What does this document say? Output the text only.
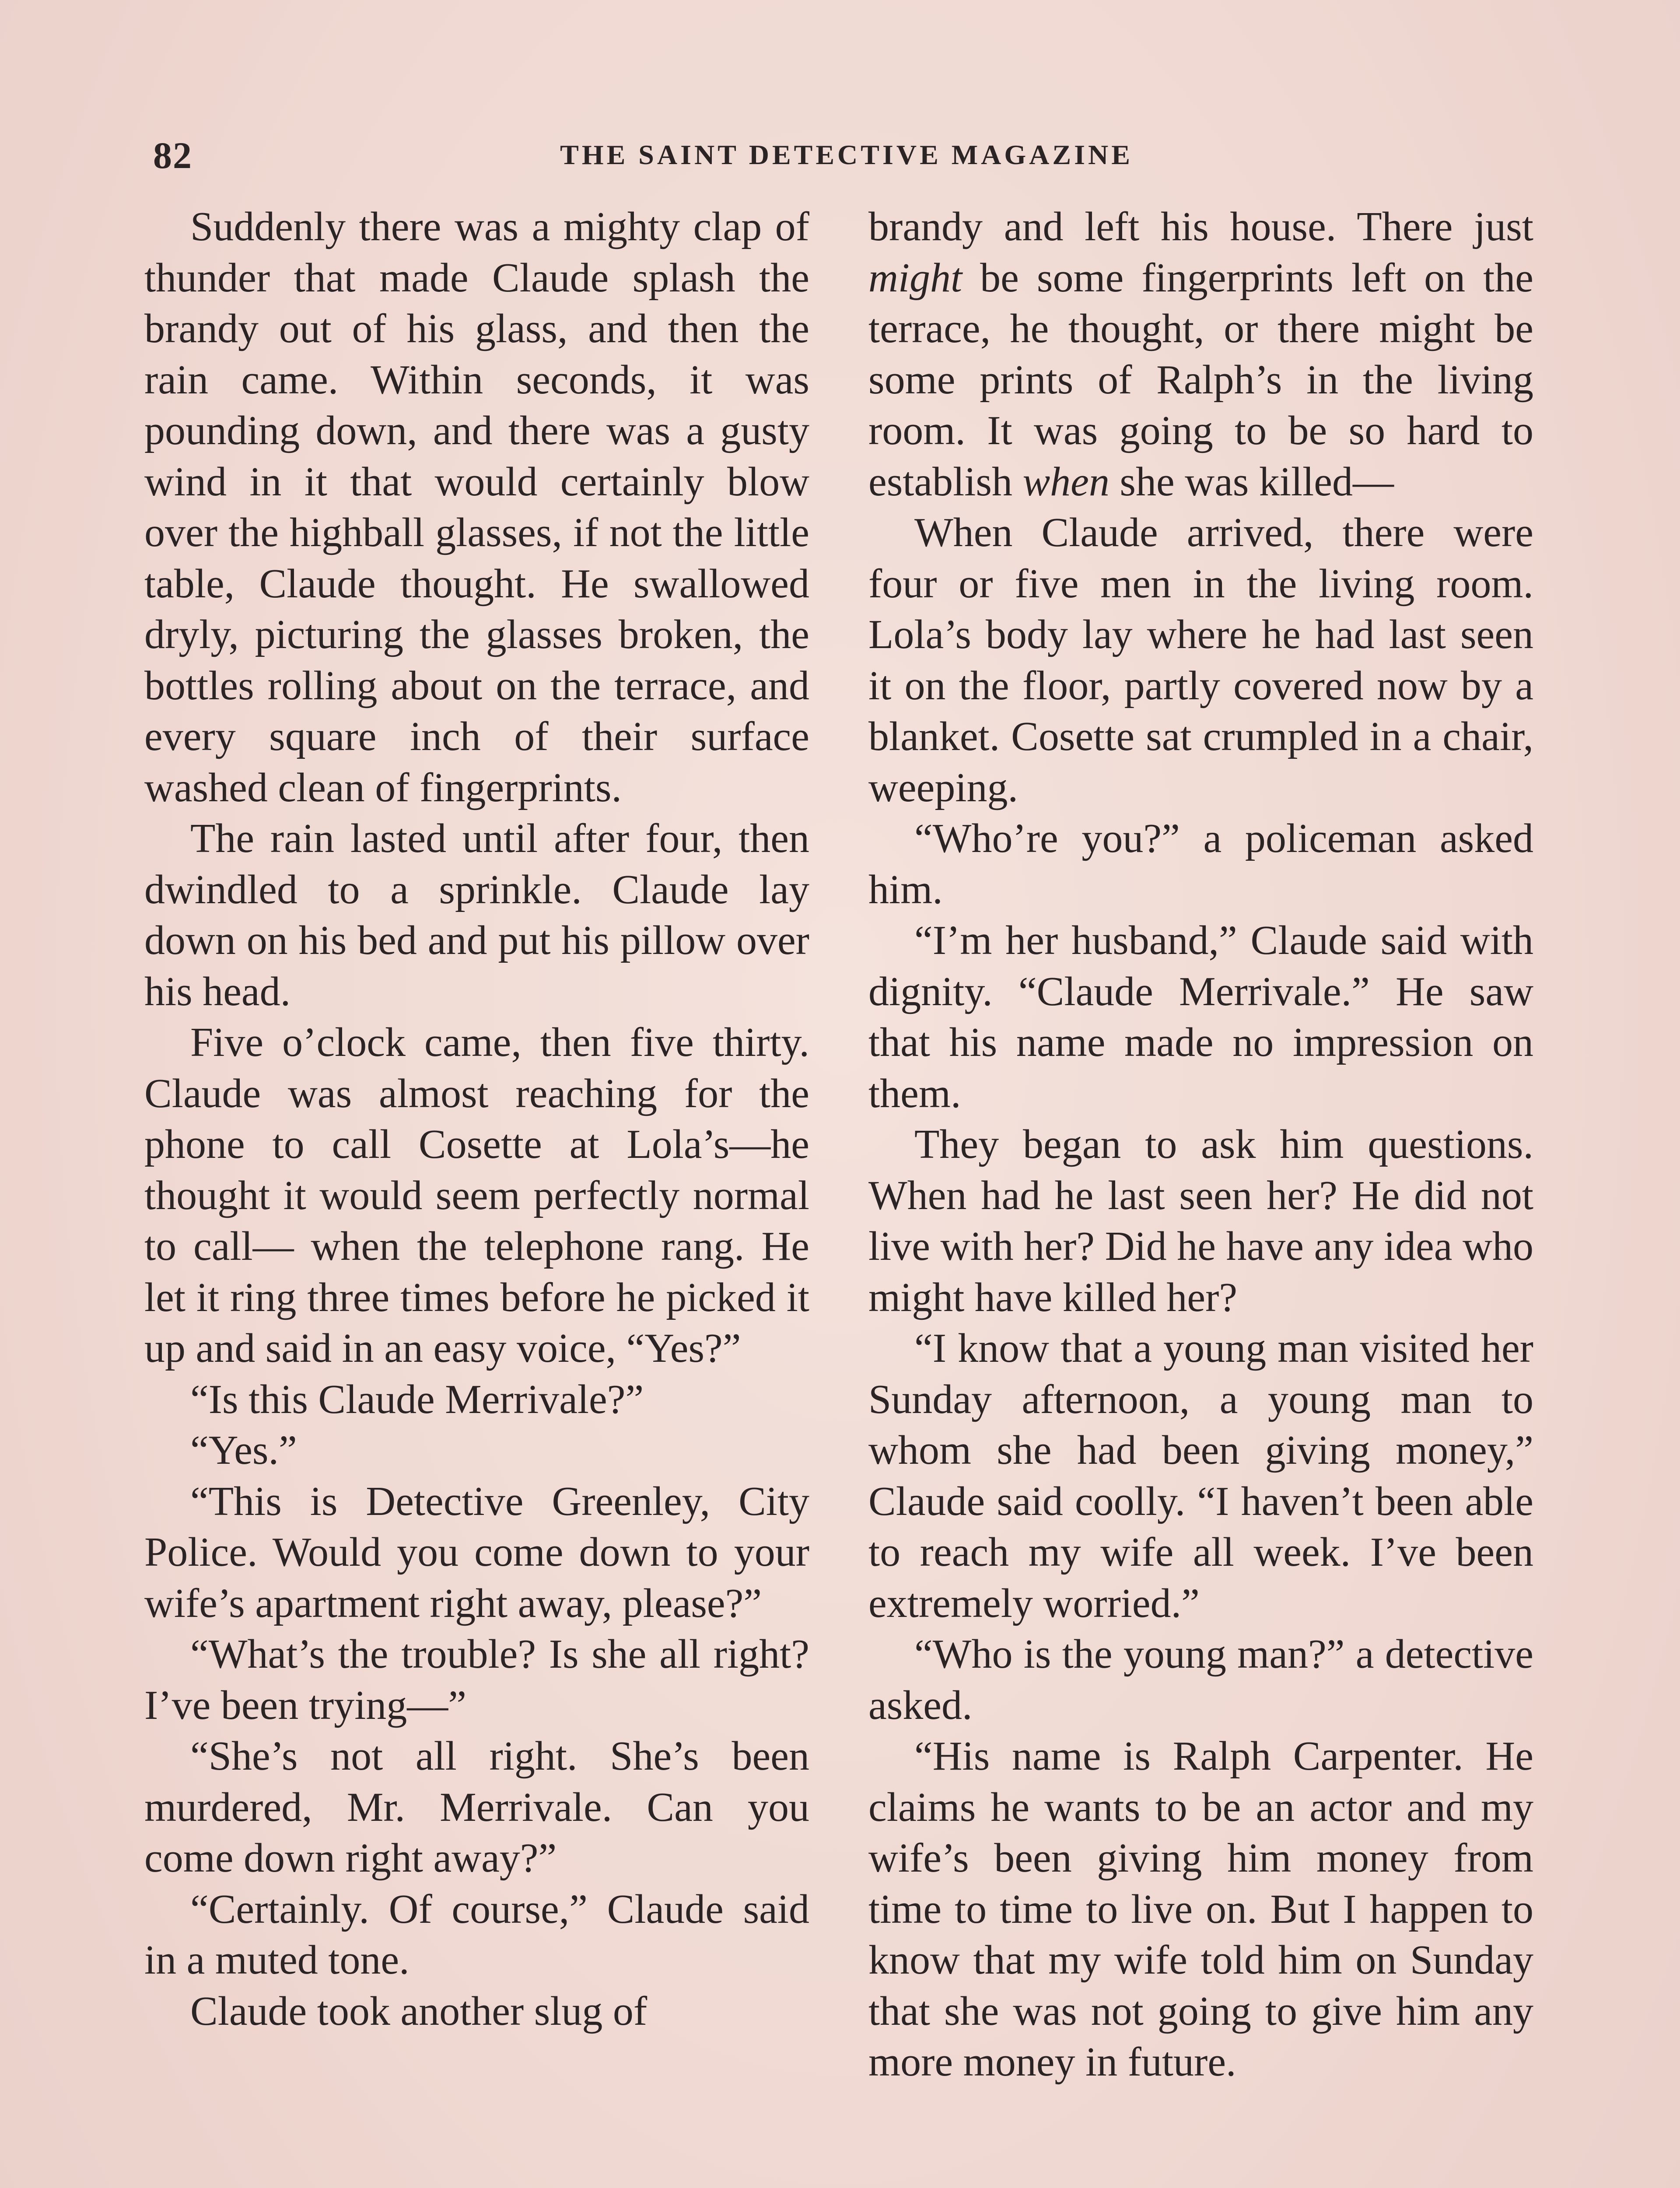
82	THE SAINT DETECTIVE MAGAZINE

Suddenly there was a mighty clap of thunder that made Claude splash the brandy out of his glass, and then the rain came. Within seconds, it was pounding down, and there was a gusty wind in it that would certainly blow over the highball glasses, if not the little table, Claude thought. He swallowed dryly, picturing the glasses broken, the bottles rolling about on the terrace, and every square inch of their surface washed clean of fingerprints.

The rain lasted until after four, then dwindled to a sprinkle. Claude lay down on his bed and put his pillow over his head.

Five o’clock came, then five thirty. Claude was almost reaching for the phone to call Cosette at Lola’s—he thought it would seem perfectly normal to call— when the telephone rang. He let it ring three times before he picked it up and said in an easy voice, “Yes?”

“Is this Claude Merrivale?”

“Yes.”

“This is Detective Greenley, City Police. Would you come down to your wife’s apartment right away, please?”

“What’s the trouble? Is she all right? I’ve been trying—”

“She’s not all right. She’s been murdered, Mr. Merrivale. Can you come down right away?”

“Certainly. Of course,” Claude said in a muted tone.

Claude took another slug of

brandy and left his house. There just might be some fingerprints left on the terrace, he thought, or there might be some prints of Ralph’s in the living room. It was going to be so hard to establish when she was killed—

When Claude arrived, there were four or five men in the living room. Lola’s body lay where he had last seen it on the floor, partly covered now by a blanket. Cosette sat crumpled in a chair, weeping.

“Who’re you?” a policeman asked him.

“I’m her husband,” Claude said with dignity. “Claude Merrivale.” He saw that his name made no impression on them.

They began to ask him questions. When had he last seen her? He did not live with her? Did he have any idea who might have killed her?

“I know that a young man visited her Sunday afternoon, a young man to whom she had been giving money,” Claude said coolly. “I haven’t been able to reach my wife all week. I’ve been extremely worried.”

“Who is the young man?” a detective asked.

“His name is Ralph Carpenter. He claims he wants to be an actor and my wife’s been giving him money from time to time to live on. But I happen to know that my wife told him on Sunday that she was not going to give him any more money in future.
